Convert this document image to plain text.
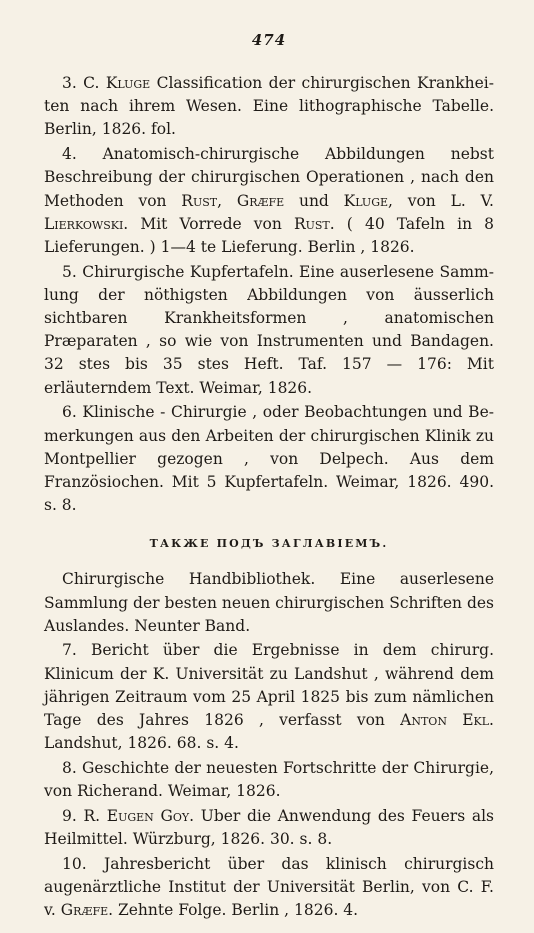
474

3. C. Kluge Classification der chirurgischen Krankheiten nach ihrem Wesen. Eine lithographische Tabelle. Berlin, 1826. fol.

4. Anatomisch-chirurgische Abbildungen nebst Beschreibung der chirurgischen Operationen , nach den Methoden von Rust, Græfe und Kluge, von L. V. Lierkowski. Mit Vorrede von Rust. ( 40 Tafeln in 8 Lieferungen. ) 1—4 te Lieferung. Berlin , 1826.

5. Chirurgische Kupfertafeln. Eine auserlesene Sammlung der nöthigsten Abbildungen von äusserlich sichtbaren Krankheitsformen , anatomischen Præparaten , so wie von Instrumenten und Bandagen. 32 stes bis 35 stes Heft. Taf. 157 — 176: Mit erläuterndem Text. Weimar, 1826.

6. Klinische - Chirurgie , oder Beobachtungen und Bemerkungen aus den Arbeiten der chirurgischen Klinik zu Montpellier gezogen , von Delpech. Aus dem Französiochen. Mit 5 Kupfertafeln. Weimar, 1826. 490. s. 8.

ТАКЖЕ ПОДЪ ЗАГЛАВIЕМЪ.

Chirurgische Handbibliothek. Eine auserlesene Sammlung der besten neuen chirurgischen Schriften des Auslandes. Neunter Band.

7. Bericht über die Ergebnisse in dem chirurg. Klinicum der K. Universität zu Landshut , während dem jährigen Zeitraum vom 25 April 1825 bis zum nämlichen Tage des Jahres 1826 , verfasst von Anton Ekl. Landshut, 1826. 68. s. 4.

8. Geschichte der neuesten Fortschritte der Chirurgie, von Richerand. Weimar, 1826.

9. R. Eugen Goy. Uber die Anwendung des Feuers als Heilmittel. Würzburg, 1826. 30. s. 8.

10. Jahresbericht über das klinisch chirurgisch augenärztliche Institut der Universität Berlin, von C. F. v. Græfe. Zehnte Folge. Berlin , 1826. 4.
